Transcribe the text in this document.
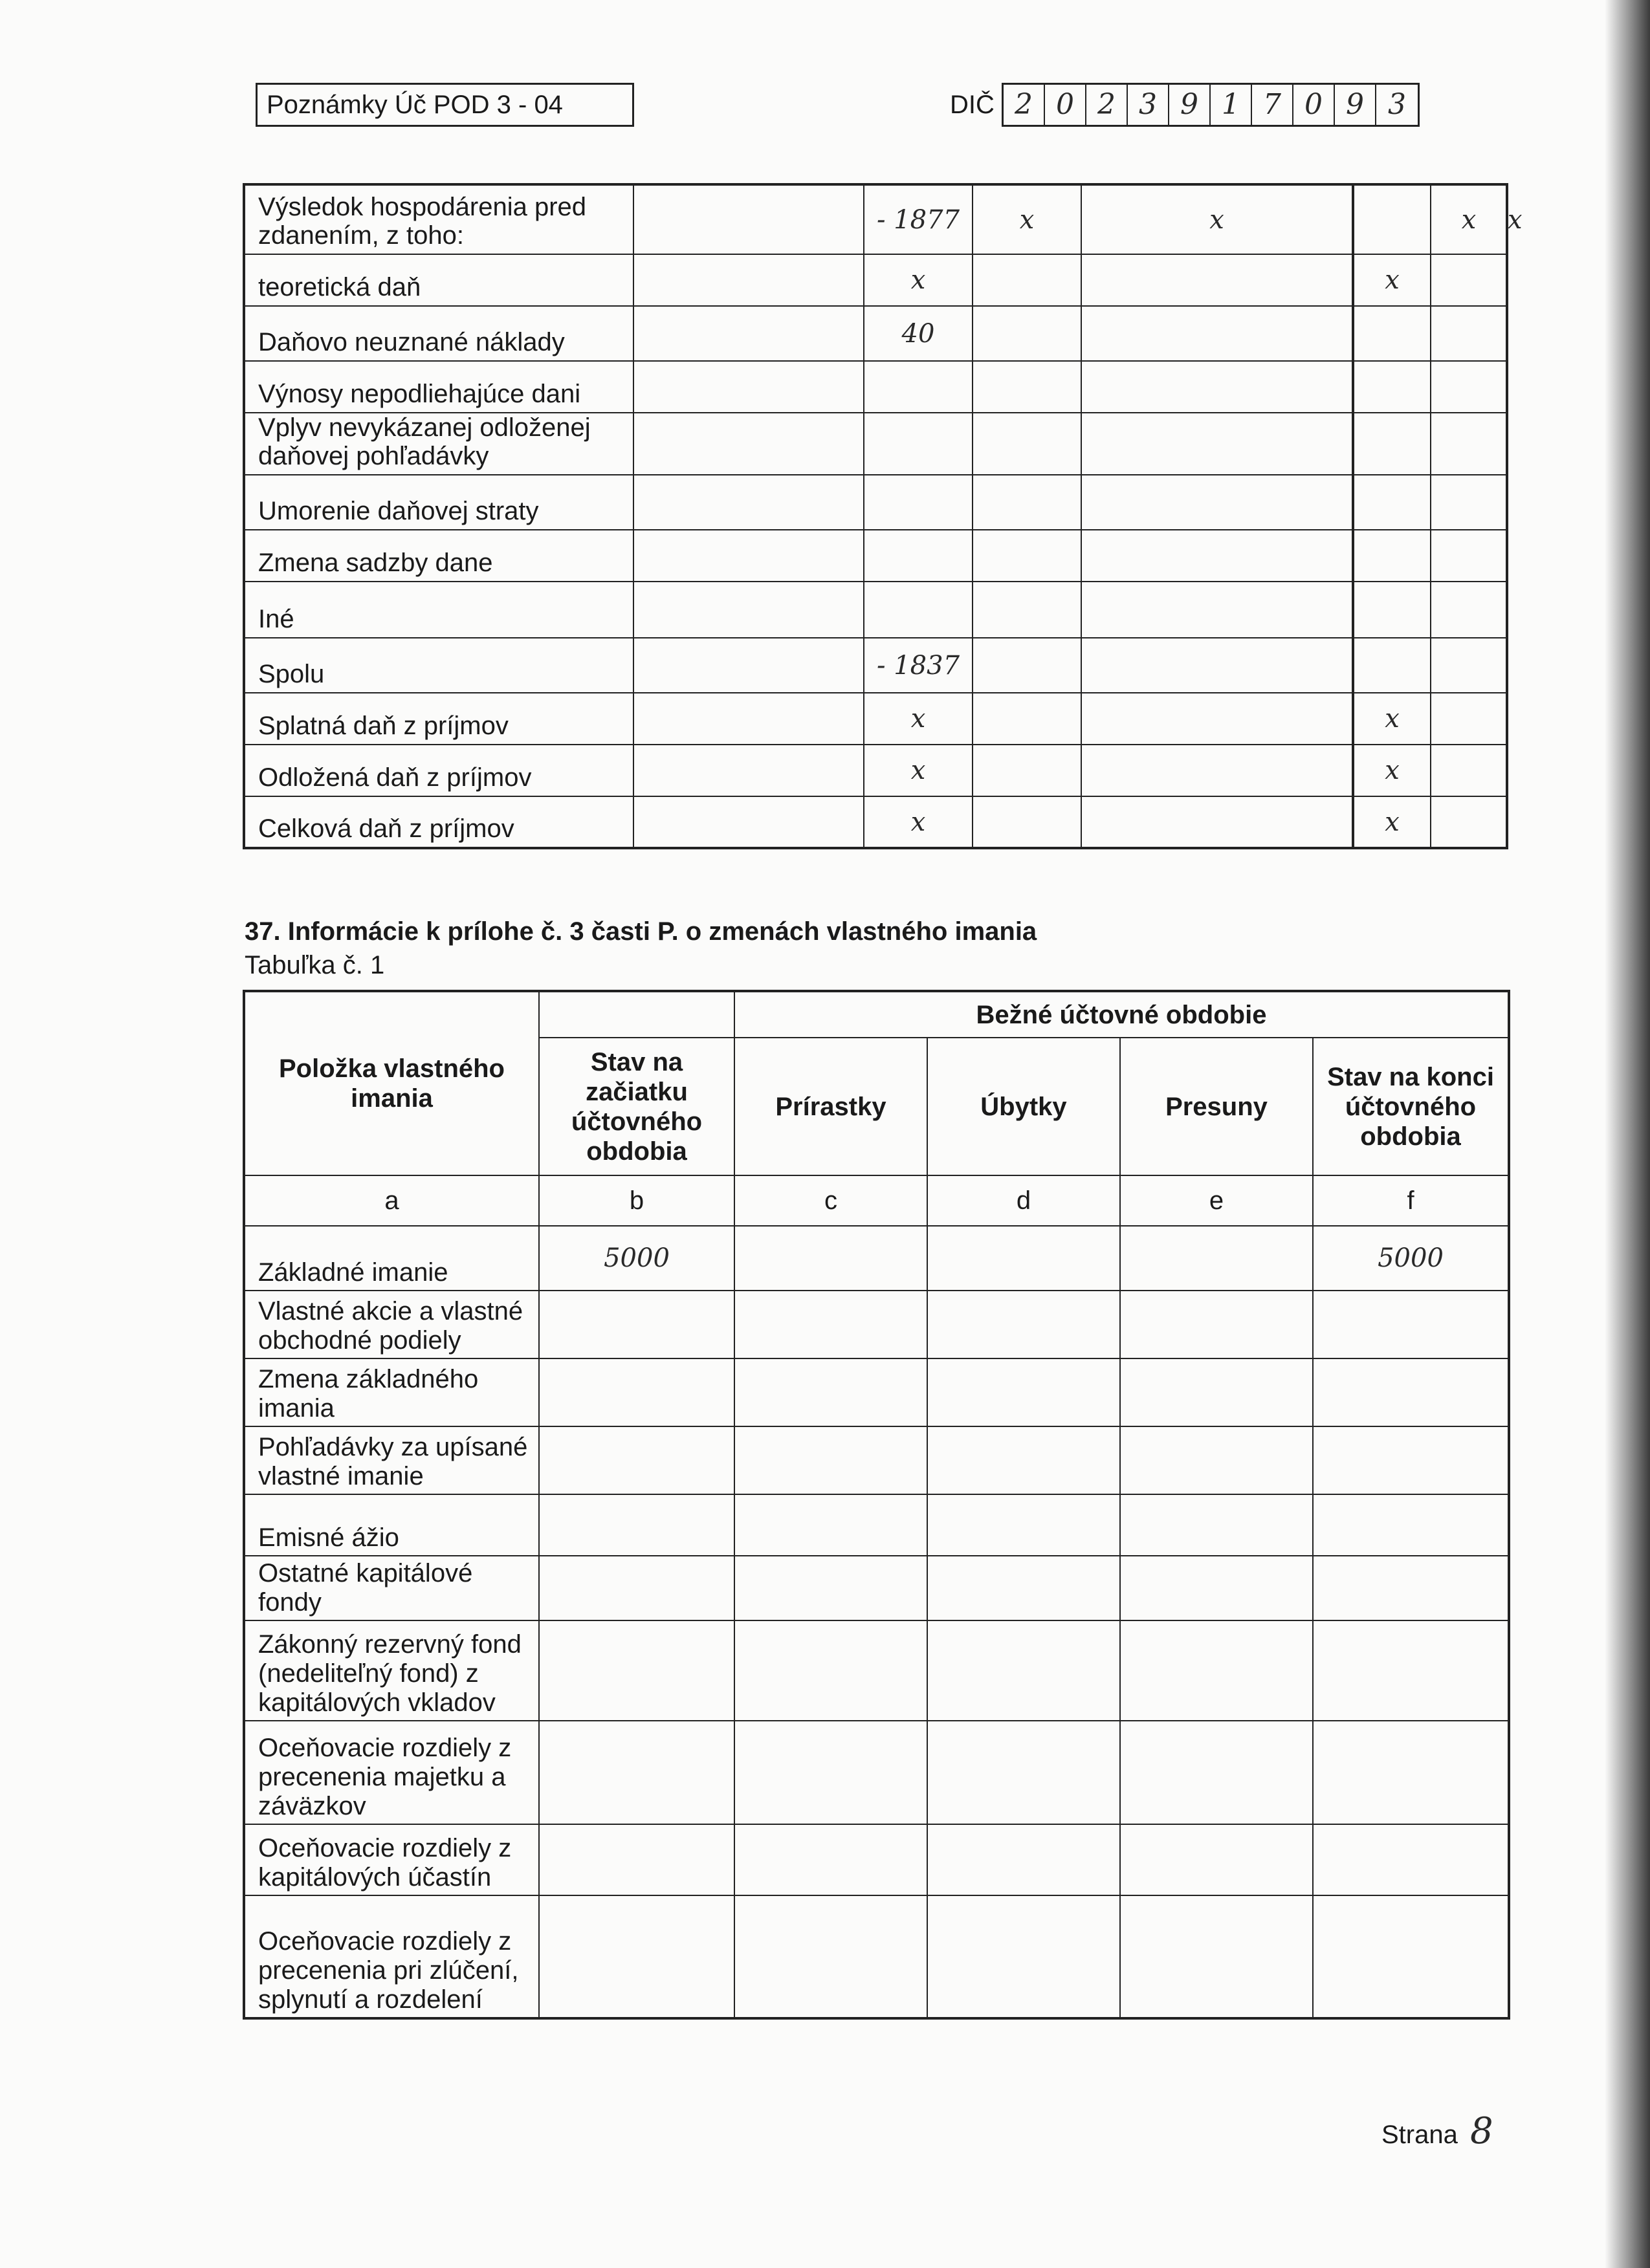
Poznámky Úč POD 3 - 04	DIČ 2 0 2 3 9 1 7 0 9 3
Výsledok hospodárenia pred zdanením, z toho:		- 1877	x	x		x	x
teoretická daň		x			x		
Daňovo neuznané náklady		40					
Výnosy nepodliehajúce dani							
Vplyv nevykázanej odloženej daňovej pohľadávky							
Umorenie daňovej straty							
Zmena sadzby dane							
Iné							
Spolu		- 1837					
Splatná daň z príjmov		x			x		
Odložená daň z príjmov		x			x		
Celková daň z príjmov		x			x		
37. Informácie k prílohe č. 3 časti P. o zmenách vlastného imania
Tabuľka č. 1
Položka vlastného imania		Bežné účtovné obdobie			
	Stav na začiatku účtovného obdobia	Prírastky	Úbytky	Presuny	Stav na konci účtovného obdobia
a	b	c	d	e	f
Základné imanie	5000				5000
Vlastné akcie a vlastné obchodné podiely					
Zmena základného imania					
Pohľadávky za upísané vlastné imanie					
Emisné ážio					
Ostatné kapitálové fondy					
Zákonný rezervný fond (nedeliteľný fond) z kapitálových vkladov					
Oceňovacie rozdiely z precenenia majetku a záväzkov					
Oceňovacie rozdiely z kapitálových účastín					
Oceňovacie rozdiely z precenenia pri zlúčení, splynutí a rozdelení					
Strana 8
